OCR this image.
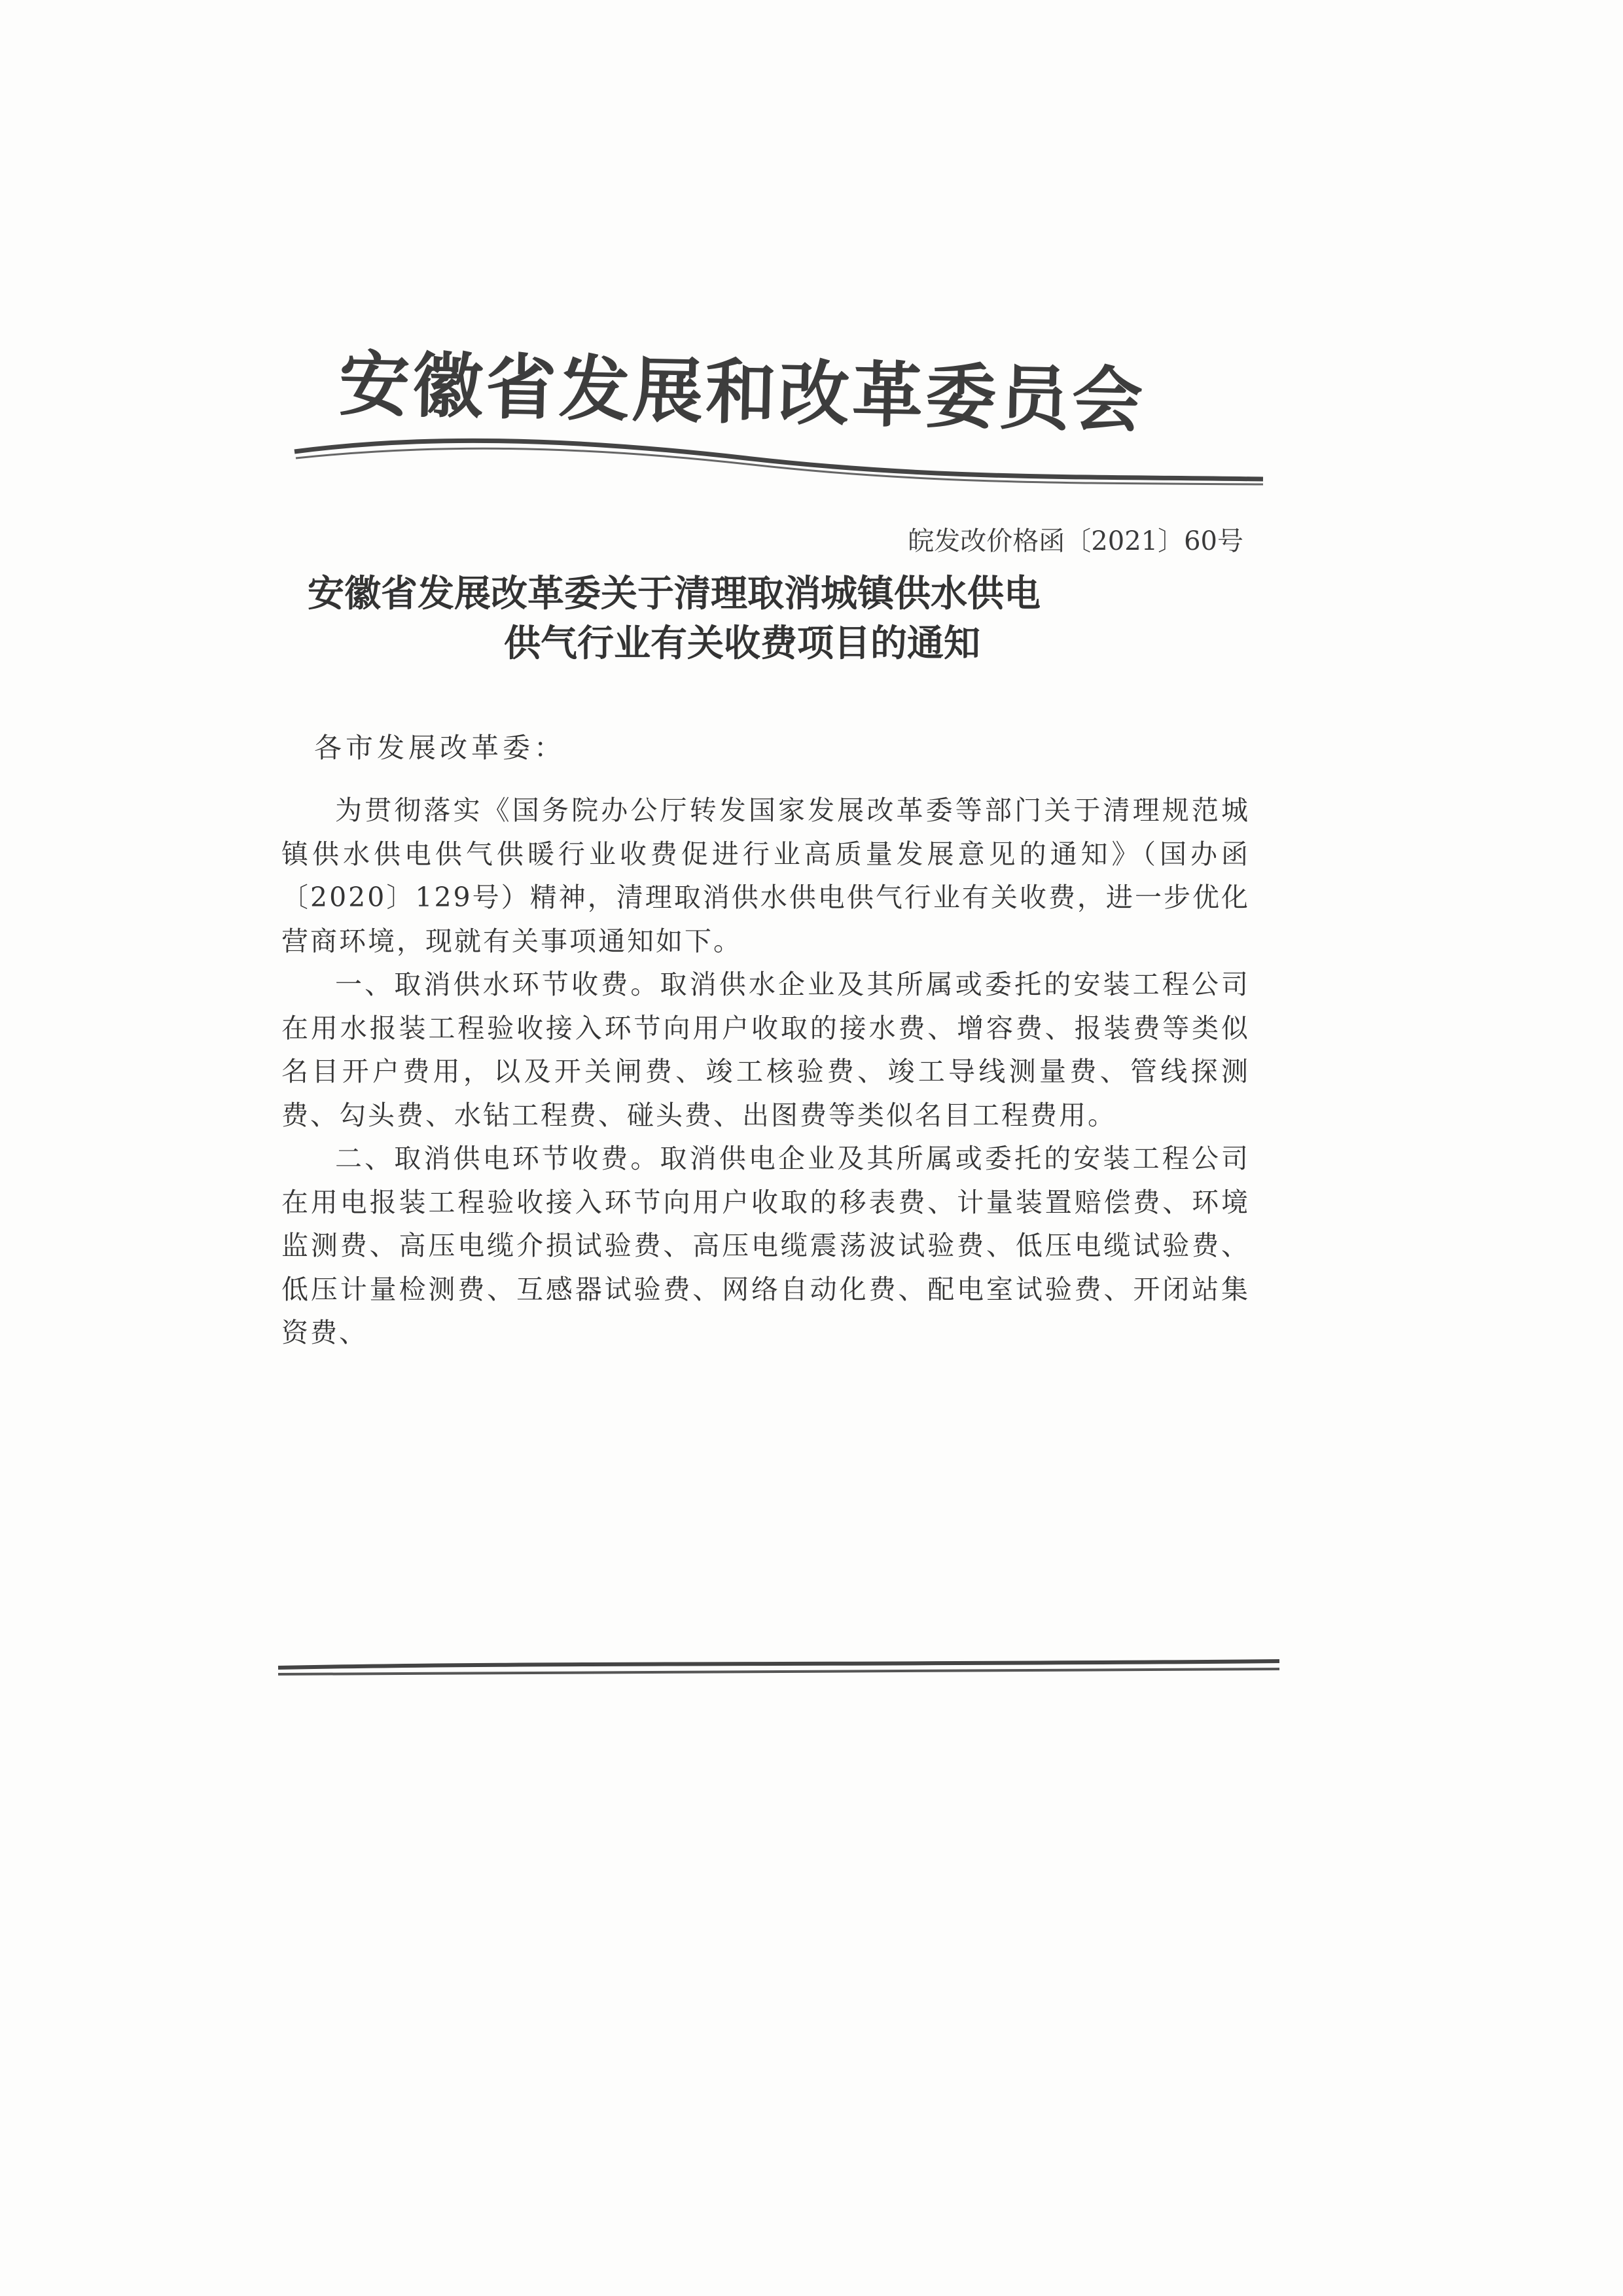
安徽省发展和改革委员会
皖发改价格函〔2021〕60号
安徽省发展改革委关于清理取消城镇供水供电
供气行业有关收费项目的通知
各市发展改革委：

为贯彻落实《国务院办公厅转发国家发展改革委等部门关于清理规范城镇供水供电供气供暖行业收费促进行业高质量发展意见的通知》（国办函〔2020〕129号）精神，清理取消供水供电供气行业有关收费，进一步优化营商环境，现就有关事项通知如下。

一、取消供水环节收费。取消供水企业及其所属或委托的安装工程公司在用水报装工程验收接入环节向用户收取的接水费、增容费、报装费等类似名目开户费用，以及开关闸费、竣工核验费、竣工导线测量费、管线探测费、勾头费、水钻工程费、碰头费、出图费等类似名目工程费用。

二、取消供电环节收费。取消供电企业及其所属或委托的安装工程公司在用电报装工程验收接入环节向用户收取的移表费、计量装置赔偿费、环境监测费、高压电缆介损试验费、高压电缆震荡波试验费、低压电缆试验费、低压计量检测费、互感器试验费、网络自动化费、配电室试验费、开闭站集资费、
